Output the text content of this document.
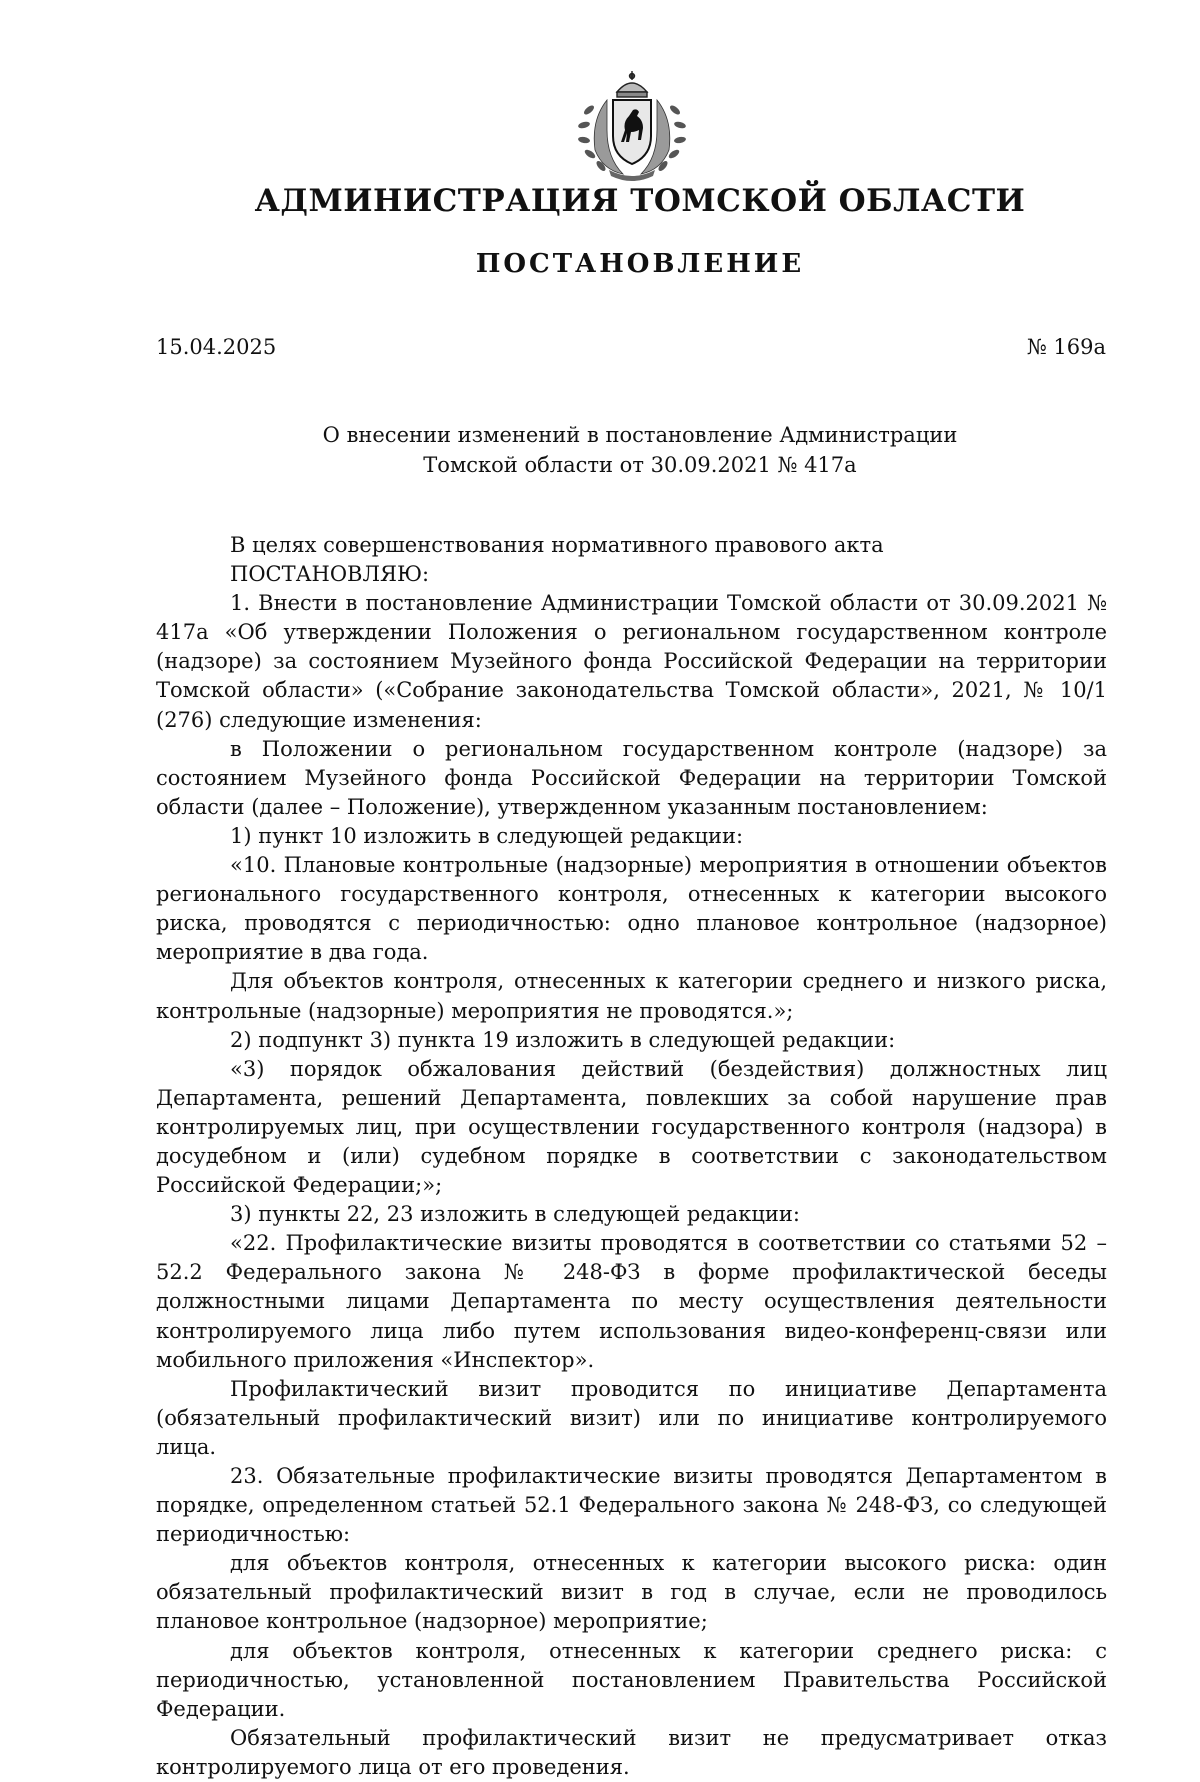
АДМИНИСТРАЦИЯ ТОМСКОЙ ОБЛАСТИ
ПОСТАНОВЛЕНИЕ
15.04.2025	№ 169а
О внесении изменений в постановление Администрации
Томской области от 30.09.2021 № 417а

В целях совершенствования нормативного правового акта

ПОСТАНОВЛЯЮ:

1. Внести в постановление Администрации Томской области от 30.09.2021 № 417а «Об утверждении Положения о региональном государственном контроле (надзоре) за состоянием Музейного фонда Российской Федерации на территории Томской области» («Собрание законодательства Томской области», 2021, № 10/1 (276) следующие изменения:

в Положении о региональном государственном контроле (надзоре) за состоянием Музейного фонда Российской Федерации на территории Томской области (далее – Положение), утвержденном указанным постановлением:

1) пункт 10 изложить в следующей редакции:

«10. Плановые контрольные (надзорные) мероприятия в отношении объектов регионального государственного контроля, отнесенных к категории высокого риска, проводятся с периодичностью: одно плановое контрольное (надзорное) мероприятие в два года.

Для объектов контроля, отнесенных к категории среднего и низкого риска, контрольные (надзорные) мероприятия не проводятся.»;

2) подпункт 3) пункта 19 изложить в следующей редакции:

«3) порядок обжалования действий (бездействия) должностных лиц Департамента, решений Департамента, повлекших за собой нарушение прав контролируемых лиц, при осуществлении государственного контроля (надзора) в досудебном и (или) судебном порядке в соответствии с законодательством Российской Федерации;»;

3) пункты 22, 23 изложить в следующей редакции:

«22. Профилактические визиты проводятся в соответствии со статьями 52 – 52.2 Федерального закона № 248-ФЗ в форме профилактической беседы должностными лицами Департамента по месту осуществления деятельности контролируемого лица либо путем использования видео-конференц-связи или мобильного приложения «Инспектор».

Профилактический визит проводится по инициативе Департамента (обязательный профилактический визит) или по инициативе контролируемого лица.

23. Обязательные профилактические визиты проводятся Департаментом в порядке, определенном статьей 52.1 Федерального закона № 248-ФЗ, со следующей периодичностью:

для объектов контроля, отнесенных к категории высокого риска: один обязательный профилактический визит в год в случае, если не проводилось плановое контрольное (надзорное) мероприятие;

для объектов контроля, отнесенных к категории среднего риска: с периодичностью, установленной постановлением Правительства Российской Федерации.

Обязательный профилактический визит не предусматривает отказ контролируемого лица от его проведения.
